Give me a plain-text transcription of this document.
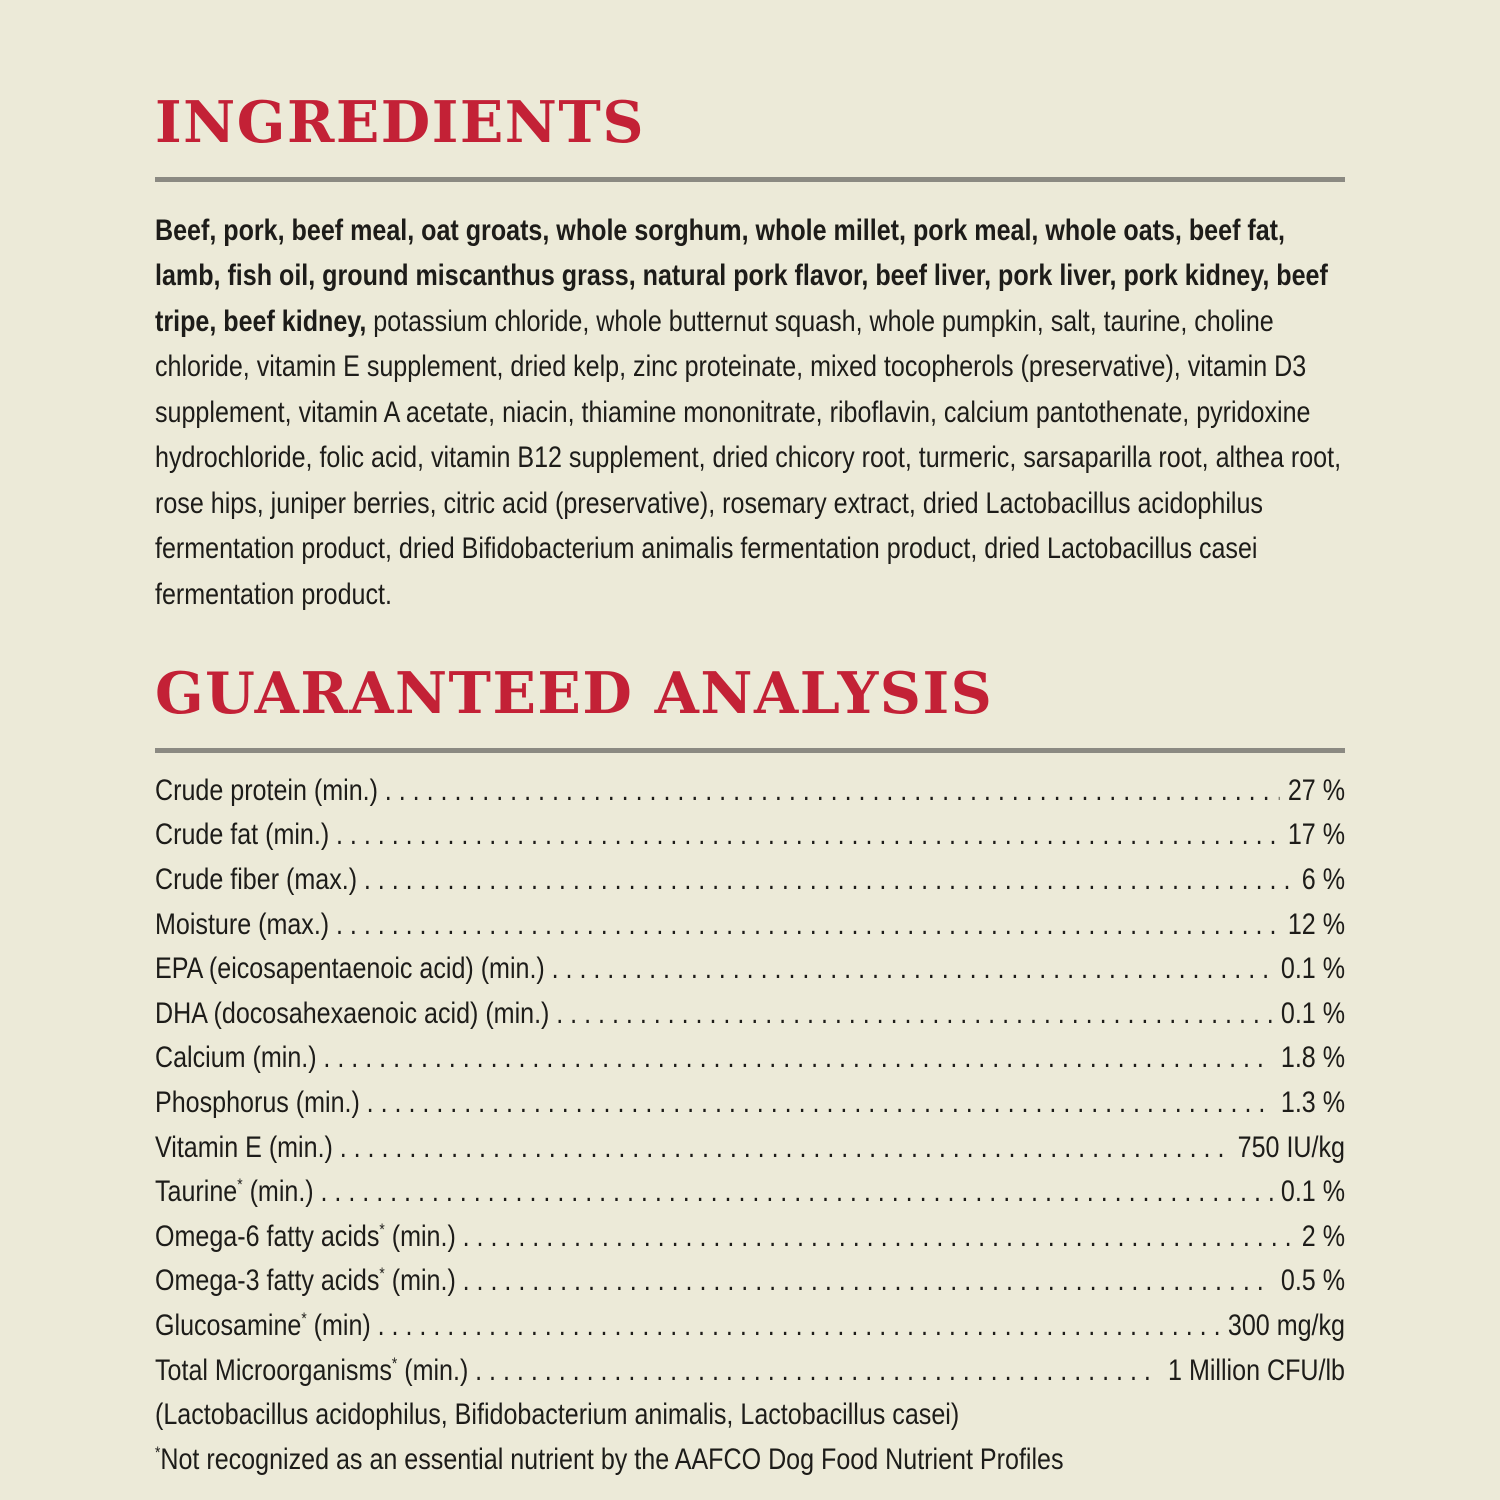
INGREDIENTS

Beef, pork, beef meal, oat groats, whole sorghum, whole millet, pork meal, whole oats, beef fat, lamb, fish oil, ground miscanthus grass, natural pork flavor, beef liver, pork liver, pork kidney, beef tripe, beef kidney, potassium chloride, whole butternut squash, whole pumpkin, salt, taurine, choline chloride, vitamin E supplement, dried kelp, zinc proteinate, mixed tocopherols (preservative), vitamin D3 supplement, vitamin A acetate, niacin, thiamine mononitrate, riboflavin, calcium pantothenate, pyridoxine hydrochloride, folic acid, vitamin B12 supplement, dried chicory root, turmeric, sarsaparilla root, althea root, rose hips, juniper berries, citric acid (preservative), rosemary extract, dried Lactobacillus acidophilus fermentation product, dried Bifidobacterium animalis fermentation product, dried Lactobacillus casei fermentation product.

GUARANTEED ANALYSIS
Crude protein (min.) . . .	27 %
Crude fat (min.) . . .	17 %
Crude fiber (max.) . . .	6 %
Moisture (max.) . . .	12 %
EPA (eicosapentaenoic acid) (min.) . . .	0.1 %
DHA (docosahexaenoic acid) (min.) . . .	0.1 %
Calcium (min.) . . .	1.8 %
Phosphorus (min.) . . .	1.3 %
Vitamin E (min.) . . .	750 IU/kg
Taurine* (min.) . . .	0.1 %
Omega-6 fatty acids* (min.) . . .	2 %
Omega-3 fatty acids* (min.) . . .	0.5 %
Glucosamine* (min) . . .	300 mg/kg
Total Microorganisms* (min.) . . .	1 Million CFU/lb

(Lactobacillus acidophilus, Bifidobacterium animalis, Lactobacillus casei)

*Not recognized as an essential nutrient by the AAFCO Dog Food Nutrient Profiles
